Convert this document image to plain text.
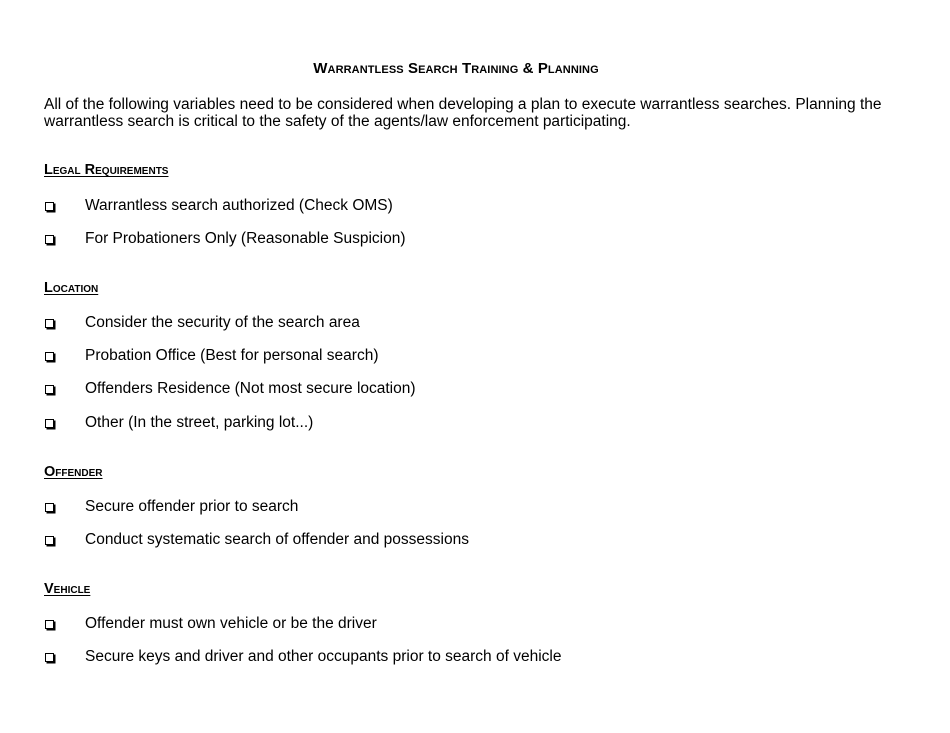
Warrantless Search Training & Planning
All of the following variables need to be considered when developing a plan to execute warrantless searches. Planning the warrantless search is critical to the safety of the agents/law enforcement participating.
Legal Requirements
Warrantless search authorized (Check OMS)
For Probationers Only (Reasonable Suspicion)
Location
Consider the security of the search area
Probation Office (Best for personal search)
Offenders Residence (Not most secure location)
Other (In the street, parking lot...)
Offender
Secure offender prior to search
Conduct systematic search of offender and possessions
Vehicle
Offender must own vehicle or be the driver
Secure keys and driver and other occupants prior to search of vehicle
